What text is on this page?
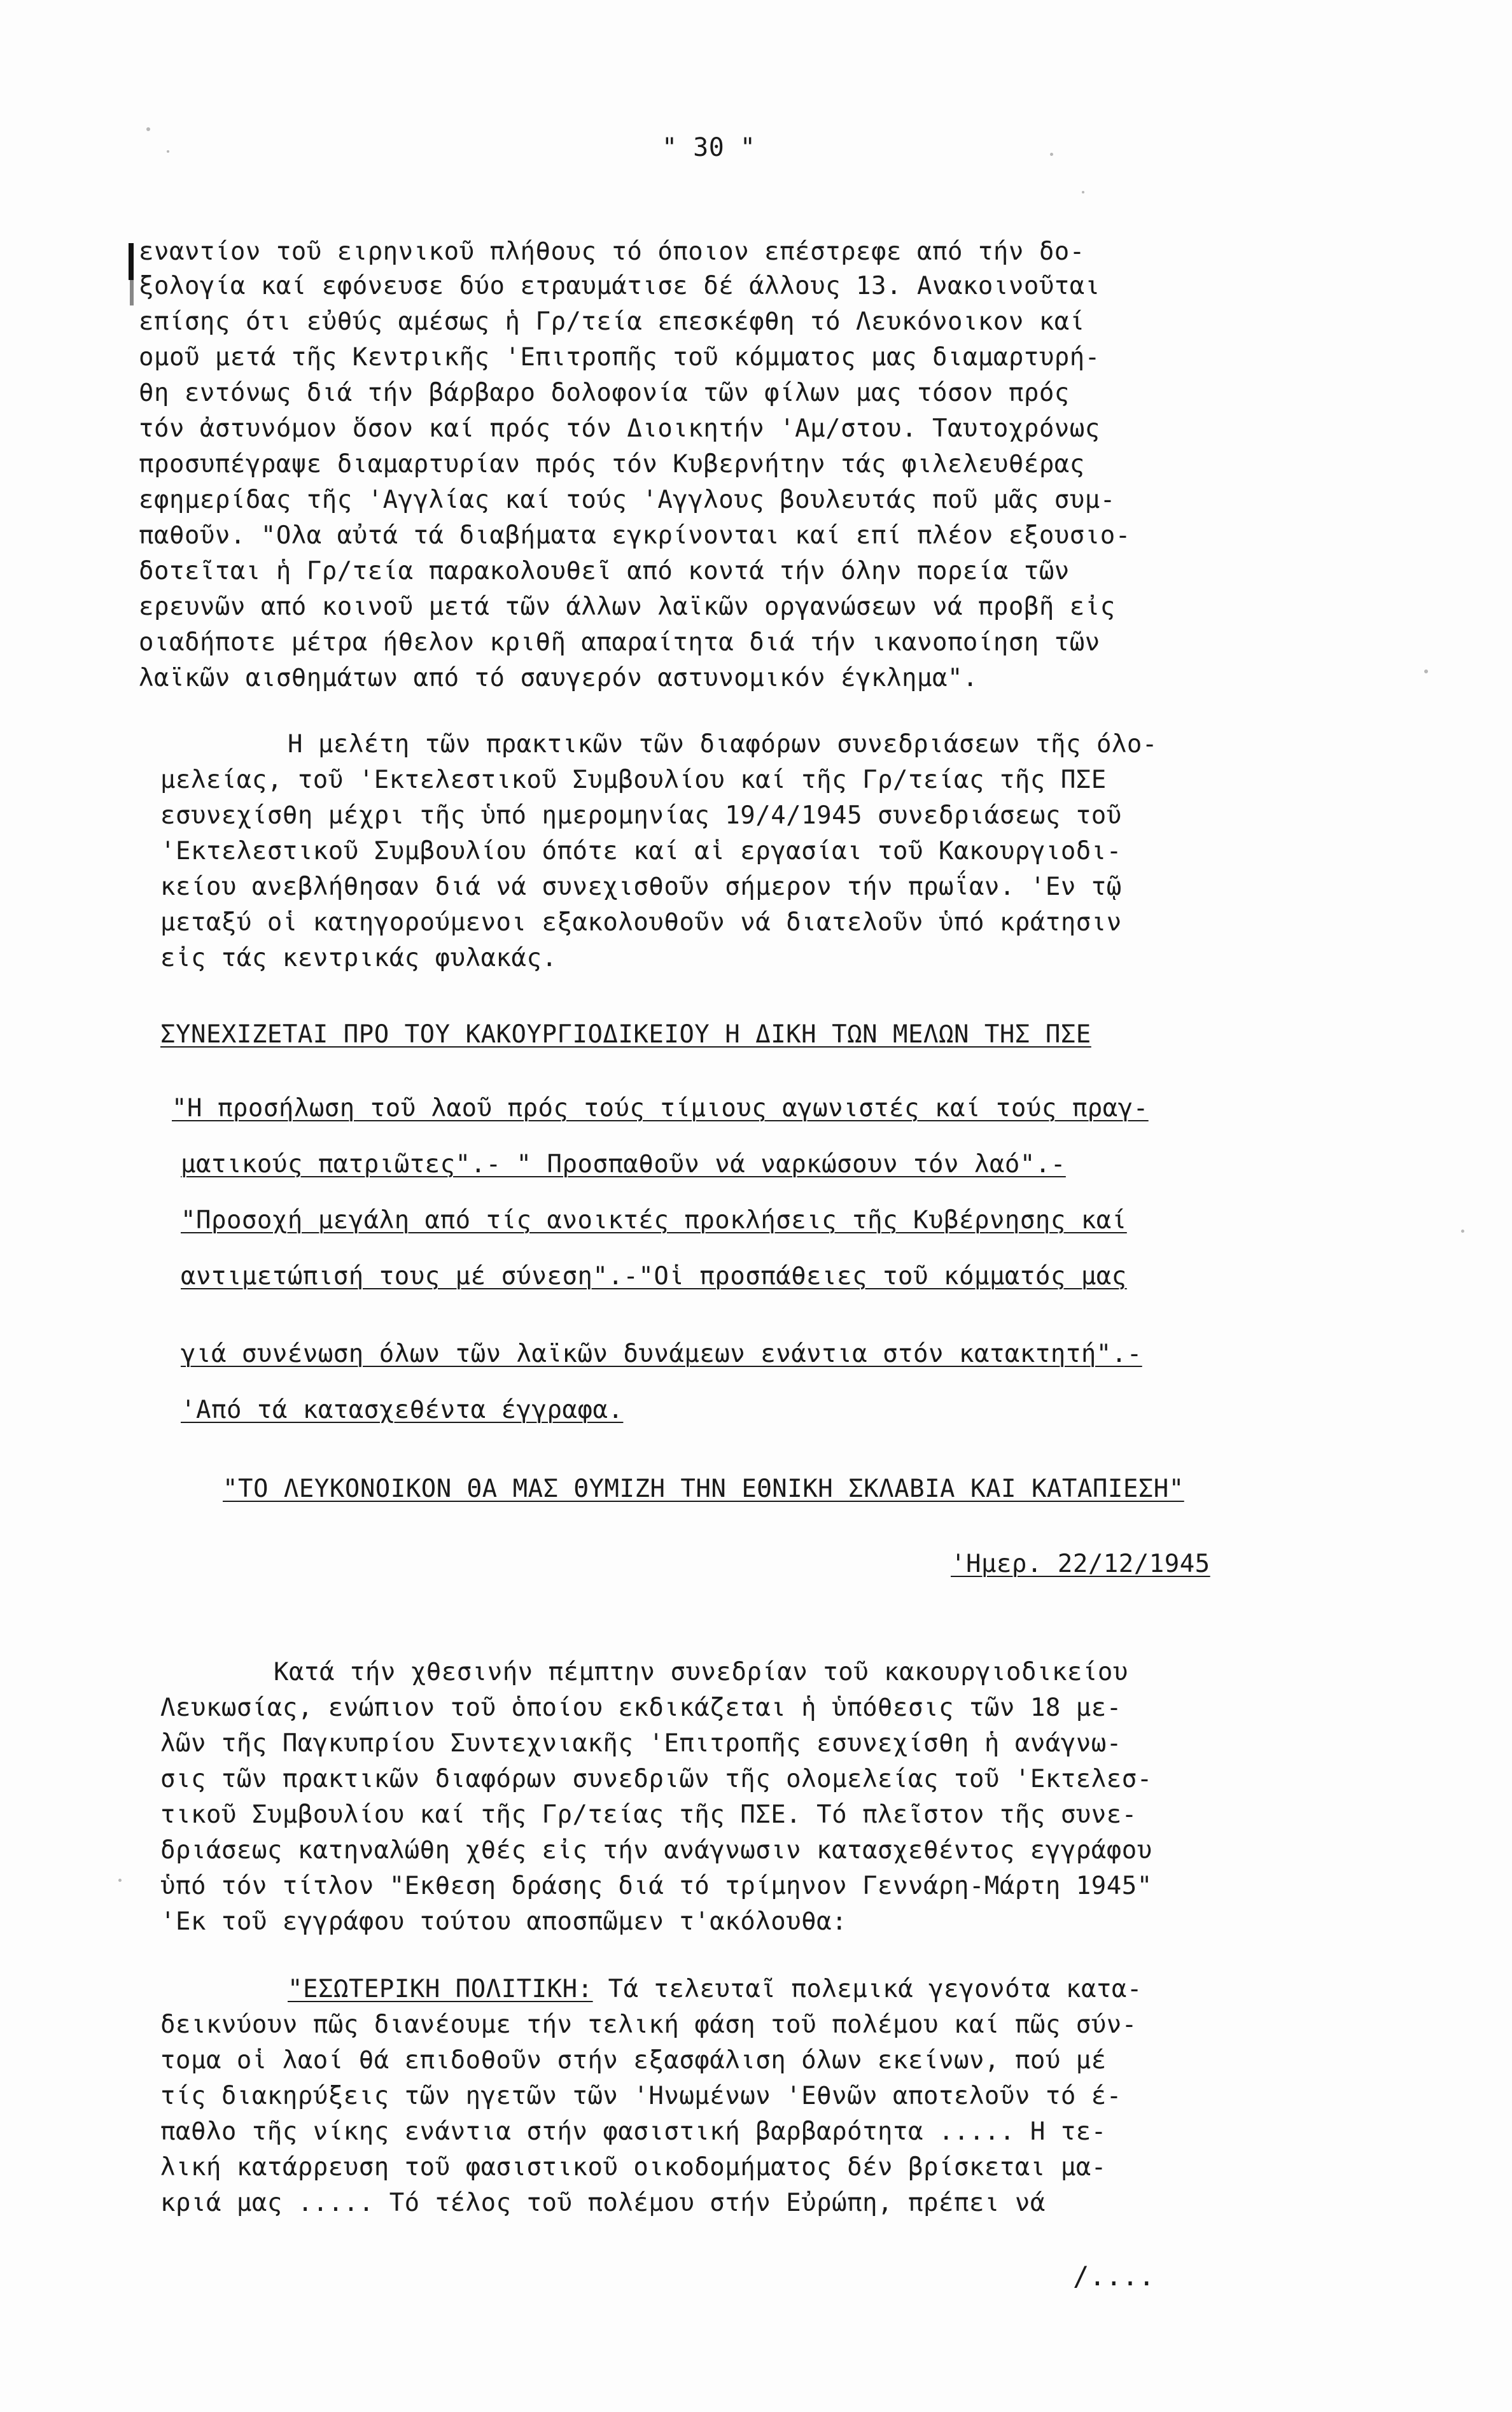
" 30 "
εναντίον τοῦ ειρηνικοῦ πλήθους τό όποιον επέστρεφε από τήν δο-
ξολογία καί εφόνευσε δύο ετραυμάτισε δέ άλλους 13. Ανακοινοῦται
επίσης ότι εὐθύς αμέσως ἡ Γρ/τεία επεσκέφθη τό Λευκόνοικον καί
ομοῦ μετά τῆς Κεντρικῆς 'Επιτροπῆς τοῦ κόμματος μας διαμαρτυρή-
θη εντόνως διά τήν βάρβαρο δολοφονία τῶν φίλων μας τόσον πρός
τόν ἀστυνόμον ὅσον καί πρός τόν Διοικητήν 'Αμ/στου. Ταυτοχρόνως
προσυπέγραψε διαμαρτυρίαν πρός τόν Κυβερνήτην τάς φιλελευθέρας
εφημερίδας τῆς 'Αγγλίας καί τούς 'Αγγλους βουλευτάς ποῦ μᾶς συμ-
παθοῦν. "Ολα αὐτά τά διαβήματα εγκρίνονται καί επί πλέον εξουσιο-
δοτεῖται ἡ Γρ/τεία παρακολουθεῖ από κοντά τήν όλην πορεία τῶν
ερευνῶν από κοινοῦ μετά τῶν άλλων λαϊκῶν οργανώσεων νά προβῆ εἰς
οιαδήποτε μέτρα ήθελον κριθῆ απαραίτητα διά τήν ικανοποίηση τῶν
λαϊκῶν αισθημάτων από τό σαυγερόν αστυνομικόν έγκλημα".
Η μελέτη τῶν πρακτικῶν τῶν διαφόρων συνεδριάσεων τῆς όλο-
μελείας, τοῦ 'Εκτελεστικοῦ Συμβουλίου καί τῆς Γρ/τείας τῆς ΠΣΕ
εσυνεχίσθη μέχρι τῆς ὑπό ημερομηνίας 19/4/1945 συνεδριάσεως τοῦ
'Εκτελεστικοῦ Συμβουλίου όπότε καί αἱ εργασίαι τοῦ Κακουργιοδι-
κείου ανεβλήθησαν διά νά συνεχισθοῦν σήμερον τήν πρωΐαν. 'Εν τῷ
μεταξύ οἱ κατηγορούμενοι εξακολουθοῦν νά διατελοῦν ὑπό κράτησιν
εἰς τάς κεντρικάς φυλακάς.
ΣΥΝΕΧΙΖΕΤΑΙ ΠΡΟ ΤΟΥ ΚΑΚΟΥΡΓΙΟΔΙΚΕΙΟΥ Η ΔΙΚΗ ΤΩΝ ΜΕΛΩΝ ΤΗΣ ΠΣΕ
"Η προσήλωση τοῦ λαοῦ πρός τούς τίμιους αγωνιστές καί τούς πραγ-
ματικούς πατριῶτες".- " Προσπαθοῦν νά ναρκώσουν τόν λαό".-
"Προσοχή μεγάλη από τίς ανοικτές προκλήσεις τῆς Κυβέρνησης καί
αντιμετώπισή τους μέ σύνεση".-"Οἱ προσπάθειες τοῦ κόμματός μας
γιά συνένωση όλων τῶν λαϊκῶν δυνάμεων ενάντια στόν κατακτητή".-
'Από τά κατασχεθέντα έγγραφα.
"ΤΟ ΛΕΥΚΟΝΟΙΚΟΝ ΘΑ ΜΑΣ ΘΥΜΙΖΗ ΤΗΝ ΕΘΝΙΚΗ ΣΚΛΑΒΙΑ ΚΑΙ ΚΑΤΑΠΙΕΣΗ"
'Ημερ. 22/12/1945
Κατά τήν χθεσινήν πέμπτην συνεδρίαν τοῦ κακουργιοδικείου
Λευκωσίας, ενώπιον τοῦ ὁποίου εκδικάζεται ἡ ὑπόθεσις τῶν 18 με-
λῶν τῆς Παγκυπρίου Συντεχνιακῆς 'Επιτροπῆς εσυνεχίσθη ἡ ανάγνω-
σις τῶν πρακτικῶν διαφόρων συνεδριῶν τῆς ολομελείας τοῦ 'Εκτελεσ-
τικοῦ Συμβουλίου καί τῆς Γρ/τείας τῆς ΠΣΕ. Τό πλεῖστον τῆς συνε-
δριάσεως κατηναλώθη χθές εἰς τήν ανάγνωσιν κατασχεθέντος εγγράφου
ὑπό τόν τίτλον "Εκθεση δράσης διά τό τρίμηνον Γεννάρη-Μάρτη 1945"
'Εκ τοῦ εγγράφου τούτου αποσπῶμεν τ'ακόλουθα:
"ΕΣΩΤΕΡΙΚΗ ΠΟΛΙΤΙΚΗ: Τά τελευταῖ πολεμικά γεγονότα κατα-
δεικνύουν πῶς διανέουμε τήν τελική φάση τοῦ πολέμου καί πῶς σύν-
τομα οἱ λαοί θά επιδοθοῦν στήν εξασφάλιση όλων εκείνων, πού μέ
τίς διακηρύξεις τῶν ηγετῶν τῶν 'Ηνωμένων 'Εθνῶν αποτελοῦν τό έ-
παθλο τῆς νίκης ενάντια στήν φασιστική βαρβαρότητα ..... Η τε-
λική κατάρρευση τοῦ φασιστικοῦ οικοδομήματος δέν βρίσκεται μα-
κριά μας ..... Τό τέλος τοῦ πολέμου στήν Εὐρώπη, πρέπει νά
/....
